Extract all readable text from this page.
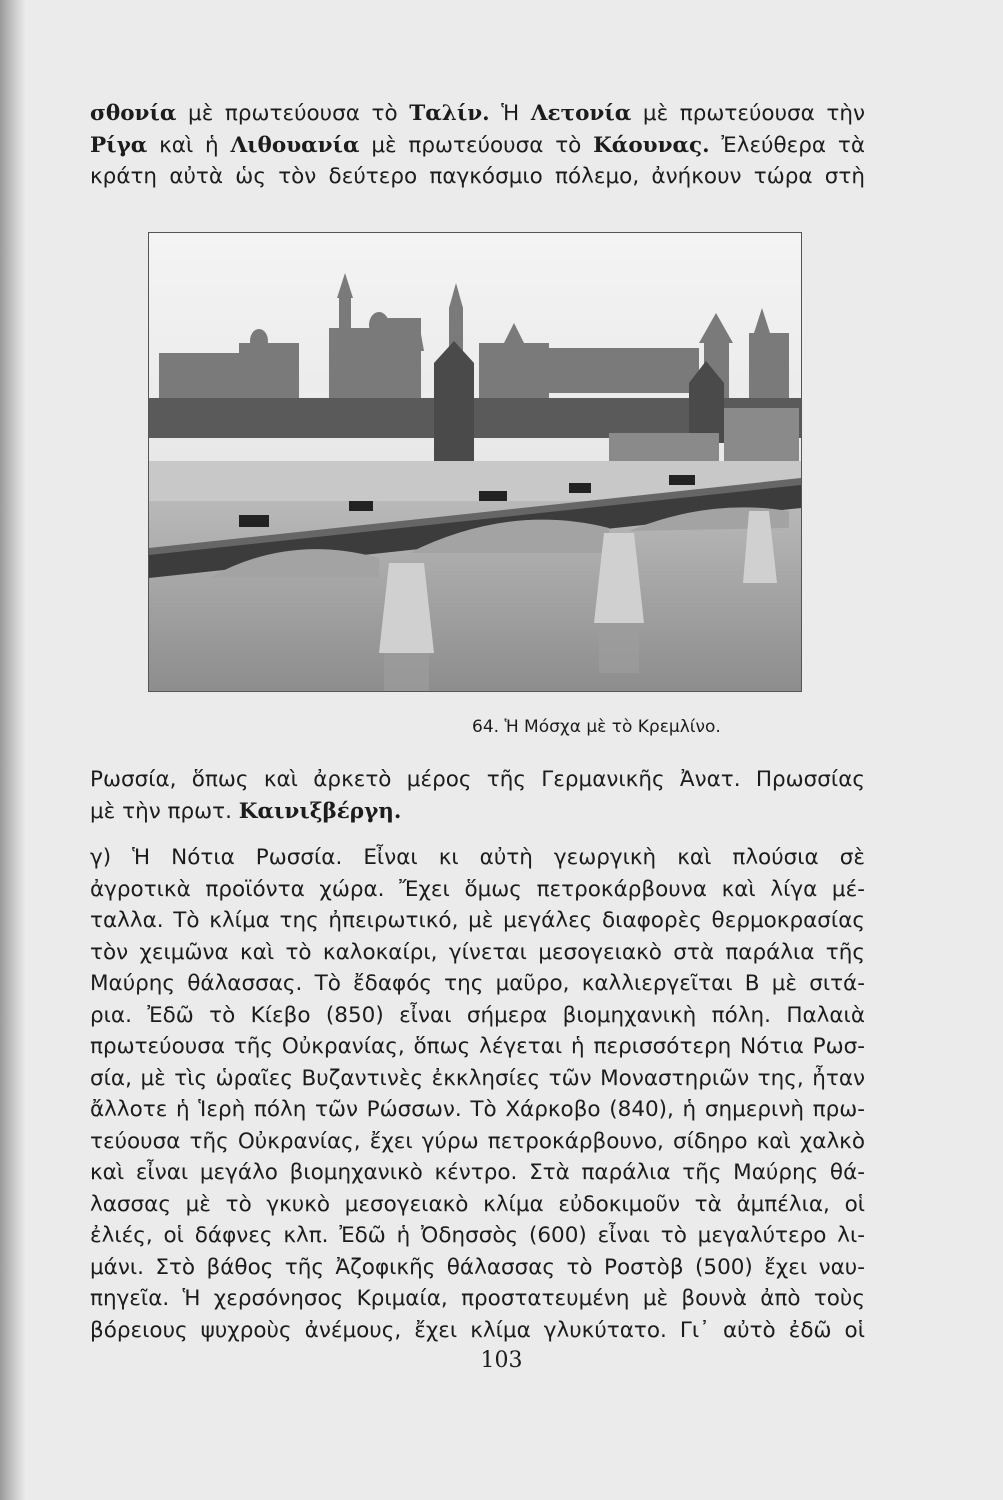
σθονία μὲ πρωτεύουσα τὸ Ταλίν. Ἡ Λετονία μὲ πρωτεύουσα τὴν
Ρίγα καὶ ἡ Λιθουανία μὲ πρωτεύουσα τὸ Κάουνας. Ἐλεύθερα τὰ
κράτη αὐτὰ ὡς τὸν δεύτερο παγκόσμιο πόλεμο, ἀνήκουν τώρα στὴ
64. Ἡ Μόσχα μὲ τὸ Κρεμλίνο.
Ρωσσία, ὅπως καὶ ἀρκετὸ μέρος τῆς Γερμανικῆς Ἀνατ. Πρωσσίας
μὲ τὴν πρωτ. Καινιξβέργη.
γ) Ἡ Νότια Ρωσσία. Εἶναι κι αὐτὴ γεωργικὴ καὶ πλούσια σὲ
ἀγροτικὰ προϊόντα χώρα. Ἔχει ὅμως πετροκάρβουνα καὶ λίγα μέ-
ταλλα. Τὸ κλίμα της ἠπειρωτικό, μὲ μεγάλες διαφορὲς θερμοκρασίας
τὸν χειμῶνα καὶ τὸ καλοκαίρι, γίνεται μεσογειακὸ στὰ παράλια τῆς
Μαύρης θάλασσας. Τὸ ἔδαφός της μαῦρο, καλλιεργεῖται Β μὲ σιτά-
ρια. Ἐδῶ τὸ Κίεβο (850) εἶναι σήμερα βιομηχανικὴ πόλη. Παλαιὰ
πρωτεύουσα τῆς Οὐκρανίας, ὅπως λέγεται ἡ περισσότερη Νότια Ρωσ-
σία, μὲ τὶς ὡραῖες Βυζαντινὲς ἐκκλησίες τῶν Μοναστηριῶν της, ἦταν
ἄλλοτε ἡ Ἱερὴ πόλη τῶν Ρώσσων. Τὸ Χάρκοβο (840), ἡ σημερινὴ πρω-
τεύουσα τῆς Οὐκρανίας, ἔχει γύρω πετροκάρβουνο, σίδηρο καὶ χαλκὸ
καὶ εἶναι μεγάλο βιομηχανικὸ κέντρο. Στὰ παράλια τῆς Μαύρης θά-
λασσας μὲ τὸ γκυκὸ μεσογειακὸ κλίμα εὐδοκιμοῦν τὰ ἀμπέλια, οἱ
ἐλιές, οἱ δάφνες κλπ. Ἐδῶ ἡ Ὀδησσὸς (600) εἶναι τὸ μεγαλύτερο λι-
μάνι. Στὸ βάθος τῆς Ἀζοφικῆς θάλασσας τὸ Ροστὸβ (500) ἔχει ναυ-
πηγεῖα. Ἡ χερσόνησος Κριμαία, προστατευμένη μὲ βουνὰ ἀπὸ τοὺς
βόρειους ψυχροὺς ἀνέμους, ἔχει κλίμα γλυκύτατο. Γι᾿ αὐτὸ ἐδῶ οἱ
103
